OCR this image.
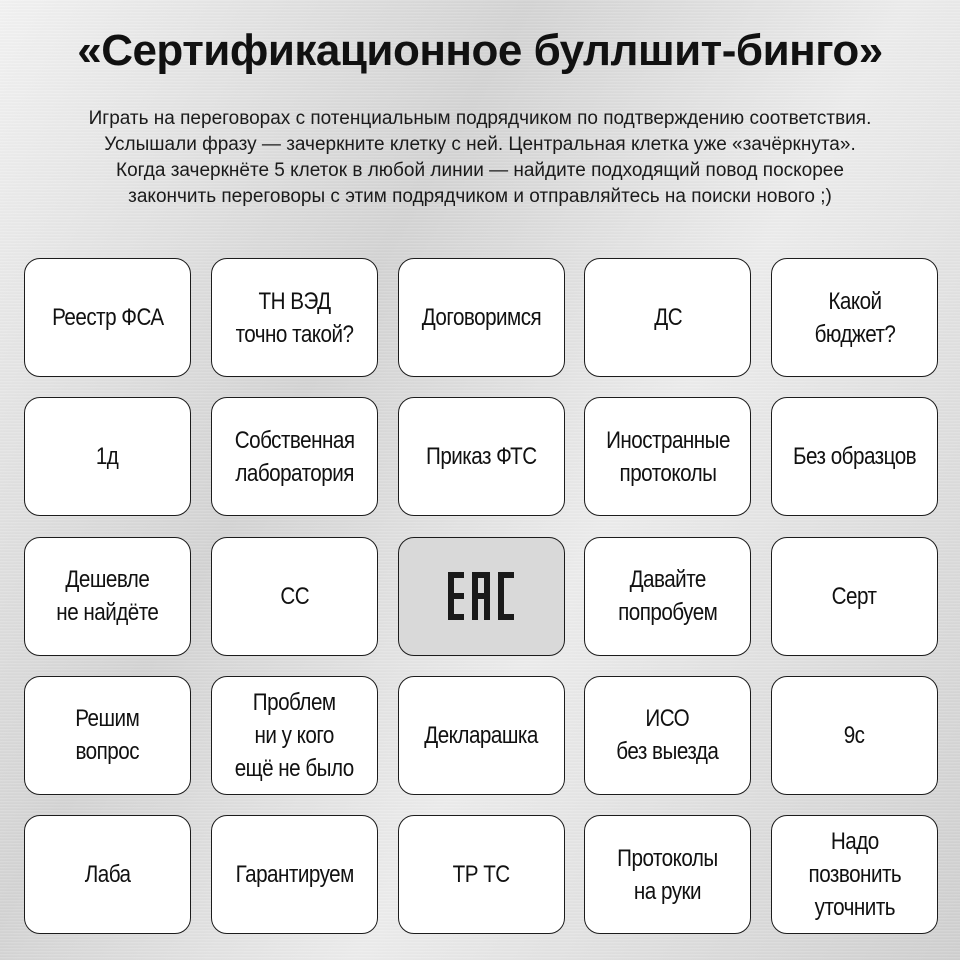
«Сертификационное буллшит-бинго»
Играть на переговорах с потенциальным подрядчиком по подтверждению соответствия.
Услышали фразу — зачеркните клетку с ней. Центральная клетка уже «зачёркнута».
Когда зачеркнёте 5 клеток в любой линии — найдите подходящий повод поскорее
закончить переговоры с этим подрядчиком и отправляйтесь на поиски нового ;)
Реестр ФСА
ТН ВЭД
точно такой?
Договоримся	ДС
Какой
бюджет?
1д
Собственная
лаборатория
Приказ ФТС
Иностранные
протоколы
Без образцов
Дешевле
не найдёте
СС
Давайте
попробуем
Серт
Решим
вопрос
Проблем
ни у кого
ещё не было
Декларашка
ИСО
без выезда
9с
Лаба	Гарантируем	ТР ТС
Протоколы
на руки
Надо
позвонить
уточнить
